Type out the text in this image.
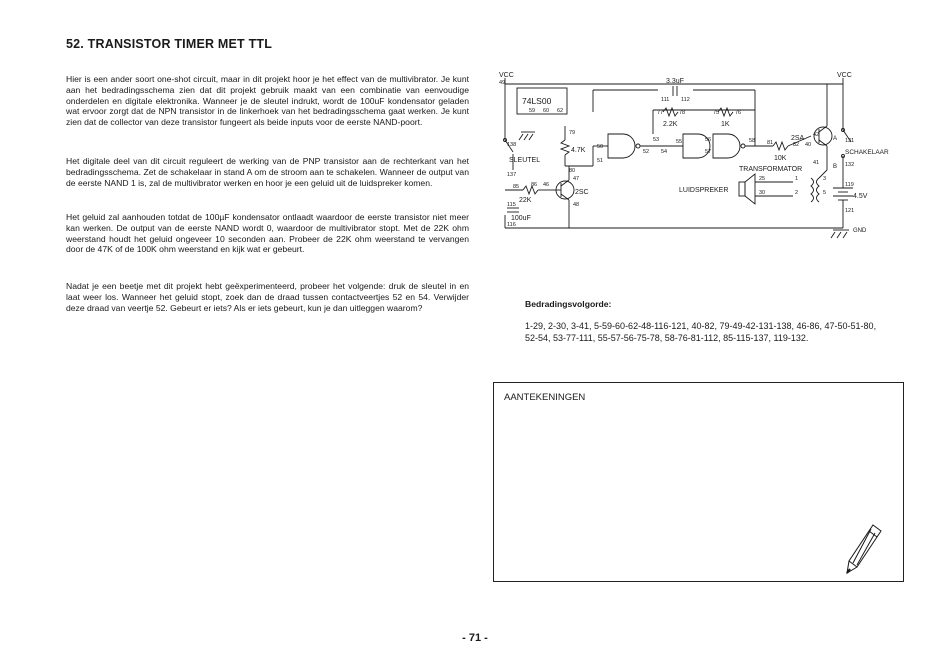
52. TRANSISTOR TIMER MET TTL

Hier is een ander soort one-shot circuit, maar in dit projekt hoor je het effect van de multivibrator. Je kunt aan het bedradingsschema zien dat dit projekt gebruik maakt van een combinatie van eenvoudige onderdelen en digitale elektronika. Wanneer je de sleutel indrukt, wordt de 100uF kondensator geladen wat ervoor zorgt dat de NPN transistor in de linkerhoek van het bedradingsschema gaat werken. Je kunt zien dat de collector van deze transistor fungeert als beide inputs voor de eerste NAND-poort.

Het digitale deel van dit circuit reguleert de werking van de PNP transistor aan de rechterkant van het bedradingsschema. Zet de schakelaar in stand A om de stroom aan te schakelen. Wanneer de output van de eerste NAND 1 is, zal de multivibrator werken en hoor je een geluid uit de luidspreker komen.

Het geluid zal aanhouden totdat de 100µF kondensator ontlaadt waardoor de eerste transistor niet meer kan werken. De output van de eerste NAND wordt 0, waardoor de multivibrator stopt. Met de 22K ohm weerstand houdt het geluid ongeveer 10 seconden aan. Probeer de 22K ohm weerstand te vervangen door de 47K of de 100K ohm weerstand en kijk wat er gebeurt.

Nadat je een beetje met dit projekt hebt geëxperimenteerd, probeer het volgende: druk de sleutel in en laat weer los. Wanneer het geluid stopt, zoek dan de draad tussen contactveertjes 52 en 54. Verwijder deze draad van veertje 52. Gebeurt er iets? Als er iets gebeurt, kun je dan uitleggen waarom?

VCC	VCC
74LS00
3.3uF
2.2K	1K
10K
4.7K
22K
100uF
2SC
2SA
SLEUTEL
SCHAKELAAR
TRANSFORMATOR
LUIDSPREKER
4.5V
GND
A
B
49
59 60 62
111 112
77	78	75	76
53	55	56
57
58
50
52 54
81	82 40
42
41
131
132
119
121
25
30
1
2
3
5
138
137
79
80
51
47
48
85 86 46
115
116
Bedradingsvolgorde:
1-29, 2-30, 3-41, 5-59-60-62-48-116-121, 40-82, 79-49-42-131-138, 46-86, 47-50-51-80, 52-54, 53-77-111, 55-57-56-75-78, 58-76-81-112, 85-115-137, 119-132.
AANTEKENINGEN
- 71 -
